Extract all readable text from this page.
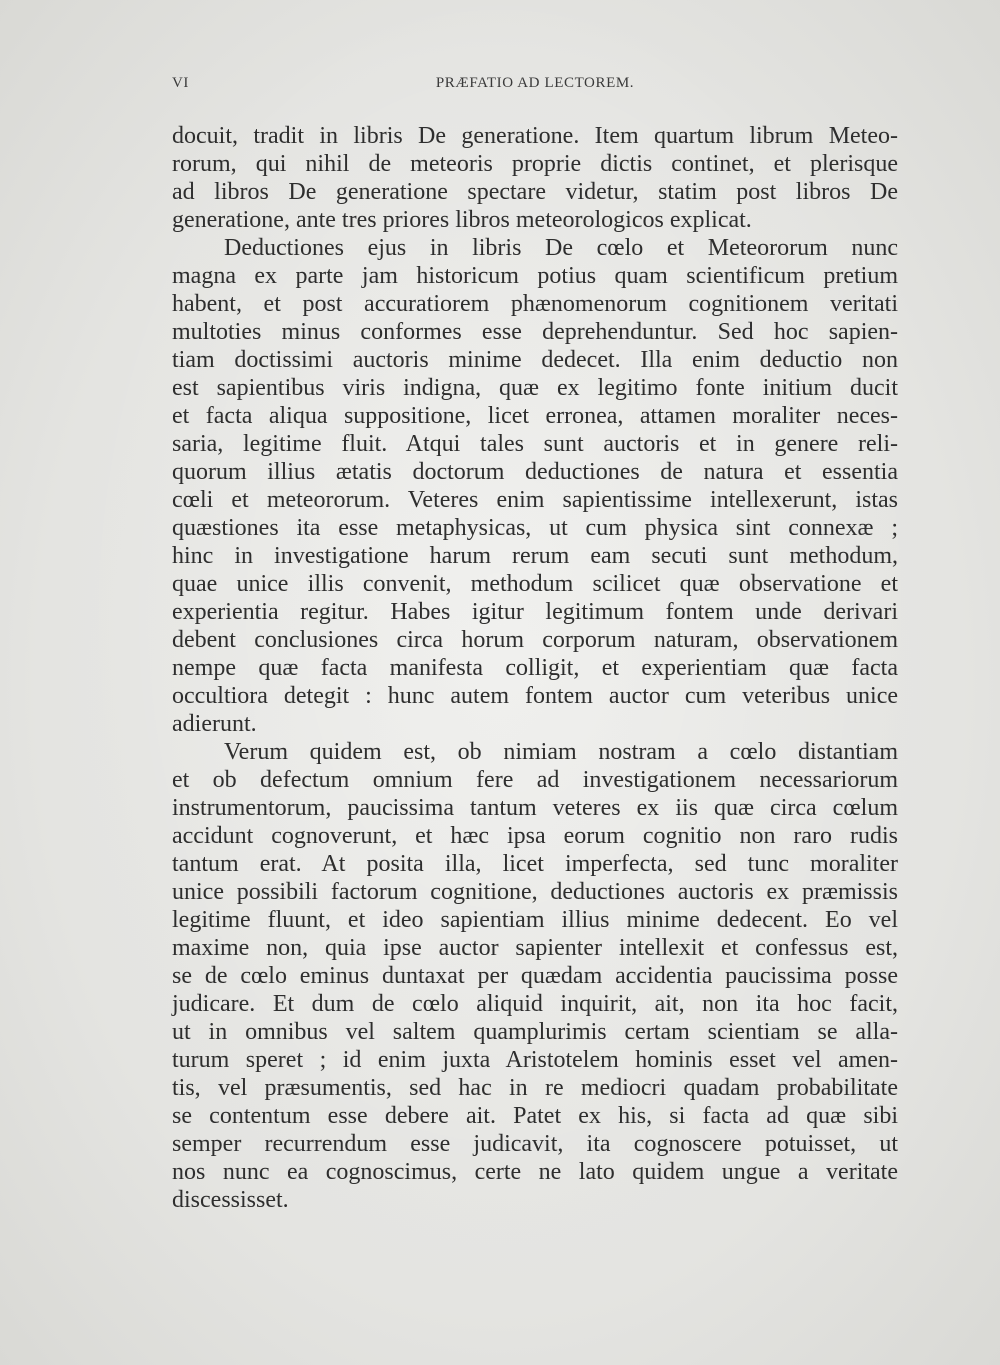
VI	PRÆFATIO AD LECTOREM.
docuit, tradit in libris De generatione. Item quartum librum Meteo-
rorum, qui nihil de meteoris proprie dictis continet, et plerisque
ad libros De generatione spectare videtur, statim post libros De
generatione, ante tres priores libros meteorologicos explicat.
Deductiones ejus in libris De cœlo et Meteororum nunc
magna ex parte jam historicum potius quam scientificum pretium
habent, et post accuratiorem phænomenorum cognitionem veritati
multoties minus conformes esse deprehenduntur. Sed hoc sapien-
tiam doctissimi auctoris minime dedecet. Illa enim deductio non
est sapientibus viris indigna, quæ ex legitimo fonte initium ducit
et facta aliqua suppositione, licet erronea, attamen moraliter neces-
saria, legitime fluit. Atqui tales sunt auctoris et in genere reli-
quorum illius ætatis doctorum deductiones de natura et essentia
cœli et meteororum. Veteres enim sapientissime intellexerunt, istas
quæstiones ita esse metaphysicas, ut cum physica sint connexæ ;
hinc in investigatione harum rerum eam secuti sunt methodum,
quae unice illis convenit, methodum scilicet quæ observatione et
experientia regitur. Habes igitur legitimum fontem unde derivari
debent conclusiones circa horum corporum naturam, observationem
nempe quæ facta manifesta colligit, et experientiam quæ facta
occultiora detegit : hunc autem fontem auctor cum veteribus unice
adierunt.
Verum quidem est, ob nimiam nostram a cœlo distantiam
et ob defectum omnium fere ad investigationem necessariorum
instrumentorum, paucissima tantum veteres ex iis quæ circa cœlum
accidunt cognoverunt, et hæc ipsa eorum cognitio non raro rudis
tantum erat. At posita illa, licet imperfecta, sed tunc moraliter
unice possibili factorum cognitione, deductiones auctoris ex præmissis
legitime fluunt, et ideo sapientiam illius minime dedecent. Eo vel
maxime non, quia ipse auctor sapienter intellexit et confessus est,
se de cœlo eminus duntaxat per quædam accidentia paucissima posse
judicare. Et dum de cœlo aliquid inquirit, ait, non ita hoc facit,
ut in omnibus vel saltem quamplurimis certam scientiam se alla-
turum speret ; id enim juxta Aristotelem hominis esset vel amen-
tis, vel præsumentis, sed hac in re mediocri quadam probabilitate
se contentum esse debere ait. Patet ex his, si facta ad quæ sibi
semper recurrendum esse judicavit, ita cognoscere potuisset, ut
nos nunc ea cognoscimus, certe ne lato quidem ungue a veritate
discessisset.
